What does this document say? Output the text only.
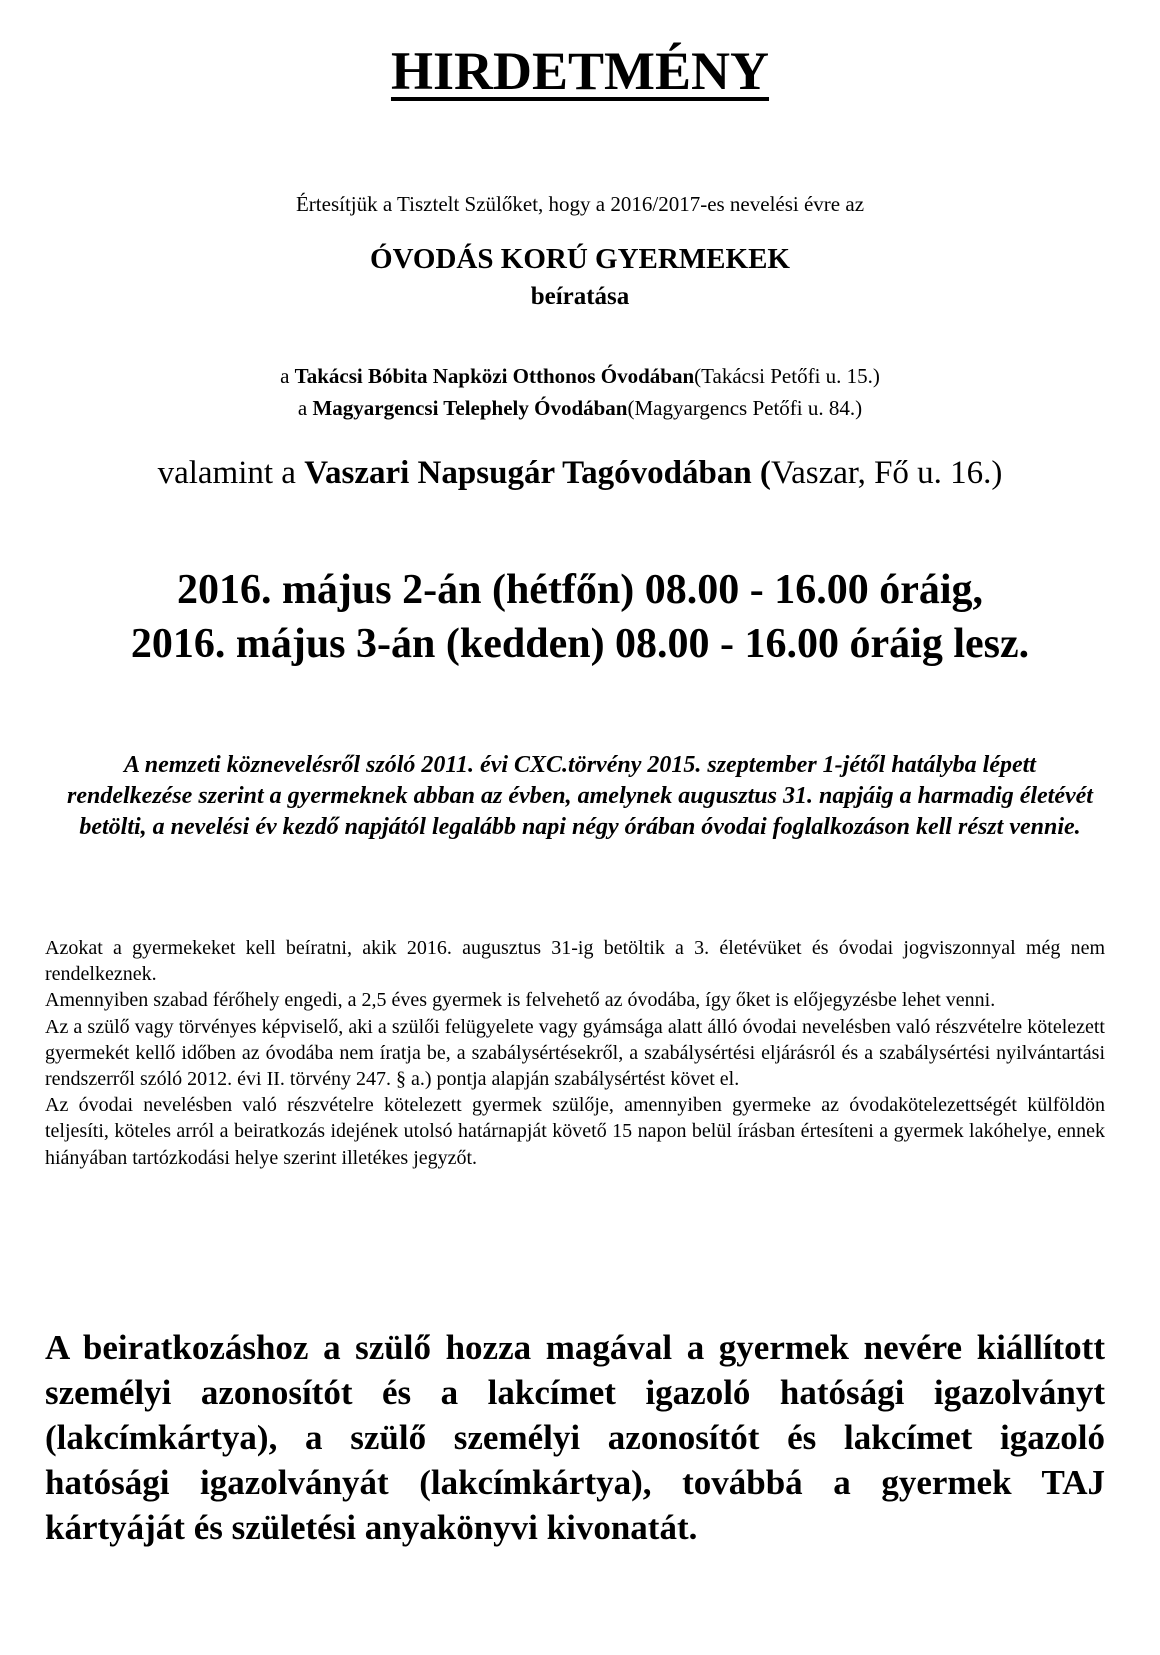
HIRDETMÉNY
Értesítjük a Tisztelt Szülőket, hogy a 2016/2017-es nevelési évre az
ÓVODÁS KORÚ GYERMEKEK
beíratása
a Takácsi Bóbita Napközi Otthonos Óvodában(Takácsi Petőfi u. 15.)
a Magyargencsi Telephely Óvodában(Magyargencs Petőfi u. 84.)
valamint a Vaszari Napsugár Tagóvodában (Vaszar, Fő u. 16.)
2016. május 2-án (hétfőn) 08.00 - 16.00 óráig,
2016. május 3-án (kedden) 08.00 - 16.00 óráig lesz.
A nemzeti köznevelésről szóló 2011. évi CXC.törvény 2015. szeptember 1-jétől hatályba lépett rendelkezése szerint a gyermeknek abban az évben, amelynek augusztus 31. napjáig a harmadig életévét betölti, a nevelési év kezdő napjától legalább napi négy órában óvodai foglalkozáson kell részt vennie.

Azokat a gyermekeket kell beíratni, akik 2016. augusztus 31-ig betöltik a 3. életévüket és óvodai jogviszonnyal még nem rendelkeznek.

Amennyiben szabad férőhely engedi, a 2,5 éves gyermek is felvehető az óvodába, így őket is előjegyzésbe lehet venni.

Az a szülő vagy törvényes képviselő, aki a szülői felügyelete vagy gyámsága alatt álló óvodai nevelésben való részvételre kötelezett gyermekét kellő időben az óvodába nem íratja be, a szabálysértésekről, a szabálysértési eljárásról és a szabálysértési nyilvántartási rendszerről szóló 2012. évi II. törvény 247. § a.) pontja alapján szabálysértést követ el.

Az óvodai nevelésben való részvételre kötelezett gyermek szülője, amennyiben gyermeke az óvodakötelezettségét külföldön teljesíti, köteles arról a beiratkozás idejének utolsó határnapját követő 15 napon belül írásban értesíteni a gyermek lakóhelye, ennek hiányában tartózkodási helye szerint illetékes jegyzőt.

A beiratkozáshoz a szülő hozza magával a gyermek nevére kiállított személyi azonosítót és a lakcímet igazoló hatósági igazolványt (lakcímkártya), a szülő személyi azonosítót és lakcímet igazoló hatósági igazolványát (lakcímkártya), továbbá a gyermek TAJ kártyáját és születési anyakönyvi kivonatát.
